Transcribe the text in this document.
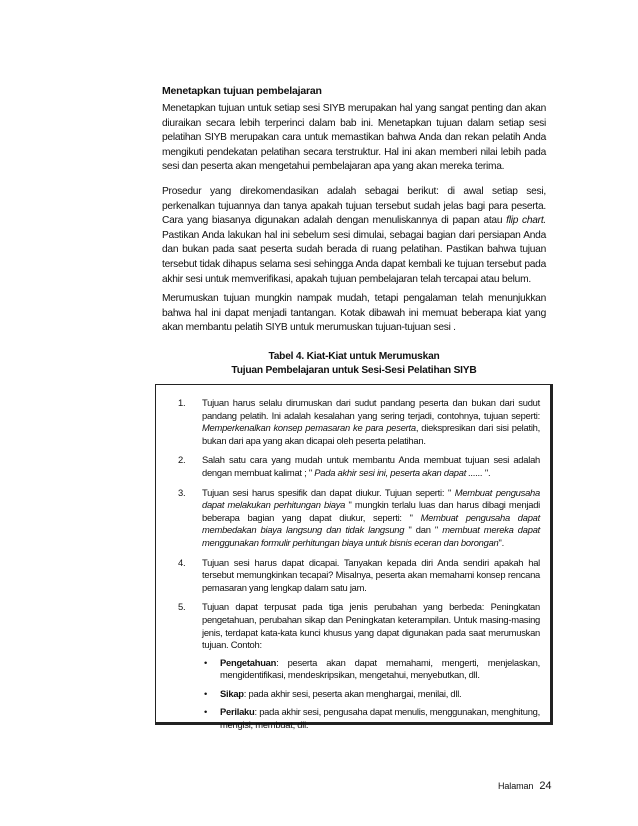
Menetapkan tujuan pembelajaran

Menetapkan tujuan untuk setiap sesi SIYB merupakan hal yang sangat penting dan akan diuraikan secara lebih terperinci dalam bab ini. Menetapkan tujuan dalam setiap sesi pelatihan SIYB merupakan cara untuk memastikan bahwa Anda dan rekan pelatih Anda mengikuti pendekatan pelatihan secara terstruktur. Hal ini akan memberi nilai lebih pada sesi dan peserta akan mengetahui pembelajaran apa yang akan mereka terima.

Prosedur yang direkomendasikan adalah sebagai berikut: di awal setiap sesi, perkenalkan tujuannya dan tanya apakah tujuan tersebut sudah jelas bagi para peserta. Cara yang biasanya digunakan adalah dengan menuliskannya di papan atau flip chart. Pastikan Anda lakukan hal ini sebelum sesi dimulai, sebagai bagian dari persiapan Anda dan bukan pada saat peserta sudah berada di ruang pelatihan. Pastikan bahwa tujuan tersebut tidak dihapus selama sesi sehingga Anda dapat kembali ke tujuan tersebut pada akhir sesi untuk memverifikasi, apakah tujuan pembelajaran telah tercapai atau belum.

Merumuskan tujuan mungkin nampak mudah, tetapi pengalaman telah menunjukkan bahwa hal ini dapat menjadi tantangan. Kotak dibawah ini memuat beberapa kiat yang akan membantu pelatih SIYB untuk merumuskan tujuan-tujuan sesi .

Tabel 4. Kiat-Kiat untuk Merumuskan
Tujuan Pembelajaran untuk Sesi-Sesi Pelatihan SIYB
1. Tujuan harus selalu dirumuskan dari sudut pandang peserta dan bukan dari sudut pandang pelatih. Ini adalah kesalahan yang sering terjadi, contohnya, tujuan seperti: Memperkenalkan konsep pemasaran ke para peserta, diekspresikan dari sisi pelatih, bukan dari apa yang akan dicapai oleh peserta pelatihan.
2. Salah satu cara yang mudah untuk membantu Anda membuat tujuan sesi adalah dengan membuat kalimat ; " Pada akhir sesi ini, peserta akan dapat ...... ".
3. Tujuan sesi harus spesifik dan dapat diukur. Tujuan seperti: " Membuat pengusaha dapat melakukan perhitungan biaya " mungkin terlalu luas dan harus dibagi menjadi beberapa bagian yang dapat diukur, seperti: " Membuat pengusaha dapat membedakan biaya langsung dan tidak langsung " dan " membuat mereka dapat menggunakan formulir perhitungan biaya untuk bisnis eceran dan borongan".
4. Tujuan sesi harus dapat dicapai. Tanyakan kepada diri Anda sendiri apakah hal tersebut memungkinkan tecapai? Misalnya, peserta akan memahami konsep rencana pemasaran yang lengkap dalam satu jam.
5. Tujuan dapat terpusat pada tiga jenis perubahan yang berbeda: Peningkatan pengetahuan, perubahan sikap dan Peningkatan keterampilan. Untuk masing-masing jenis, terdapat kata-kata kunci khusus yang dapat digunakan pada saat merumuskan tujuan. Contoh:
• Pengetahuan: peserta akan dapat memahami, mengerti, menjelaskan, mengidentifikasi, mendeskripsikan, mengetahui, menyebutkan, dll.
• Sikap: pada akhir sesi, peserta akan menghargai, menilai, dll.
• Perilaku: pada akhir sesi, pengusaha dapat menulis, menggunakan, menghitung, mengisi, membuat, dll.
Halaman 24
